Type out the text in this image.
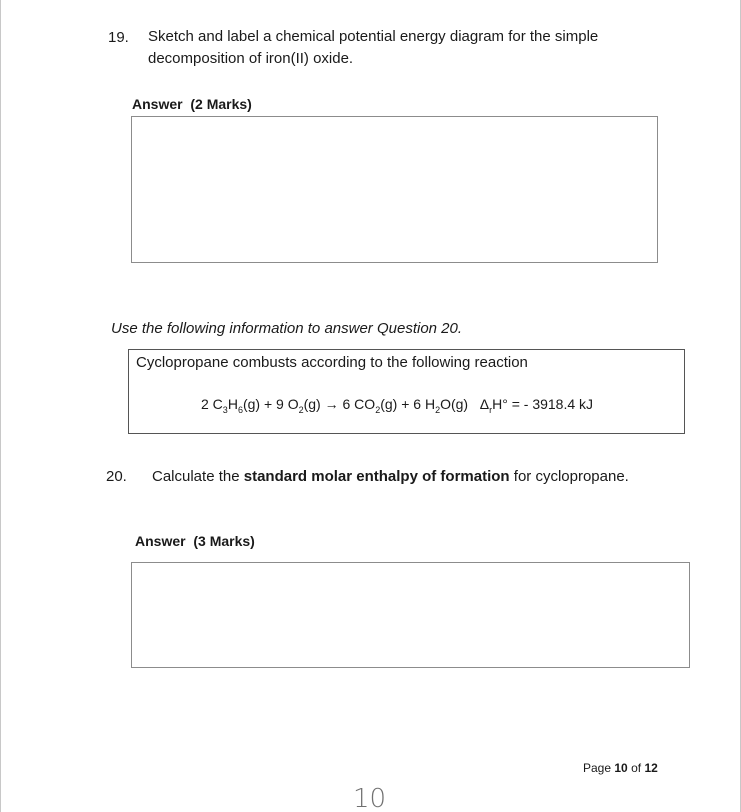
19. Sketch and label a chemical potential energy diagram for the simple
decomposition of iron(II) oxide.
Answer (2 Marks)
Use the following information to answer Question 20.
Cyclopropane combusts according to the following reaction
2 $C_3H_6(g) + 9$ $O_2(g) \to 6$ $CO_2(g) + 6$ $H_2O(g) \Delta_rH^\circ$ = - 3918.4 kJ
20. Calculate the standard molar enthalpy of formation for cyclopropane.
Answer (3 Marks)
Page 10 of 12
10
